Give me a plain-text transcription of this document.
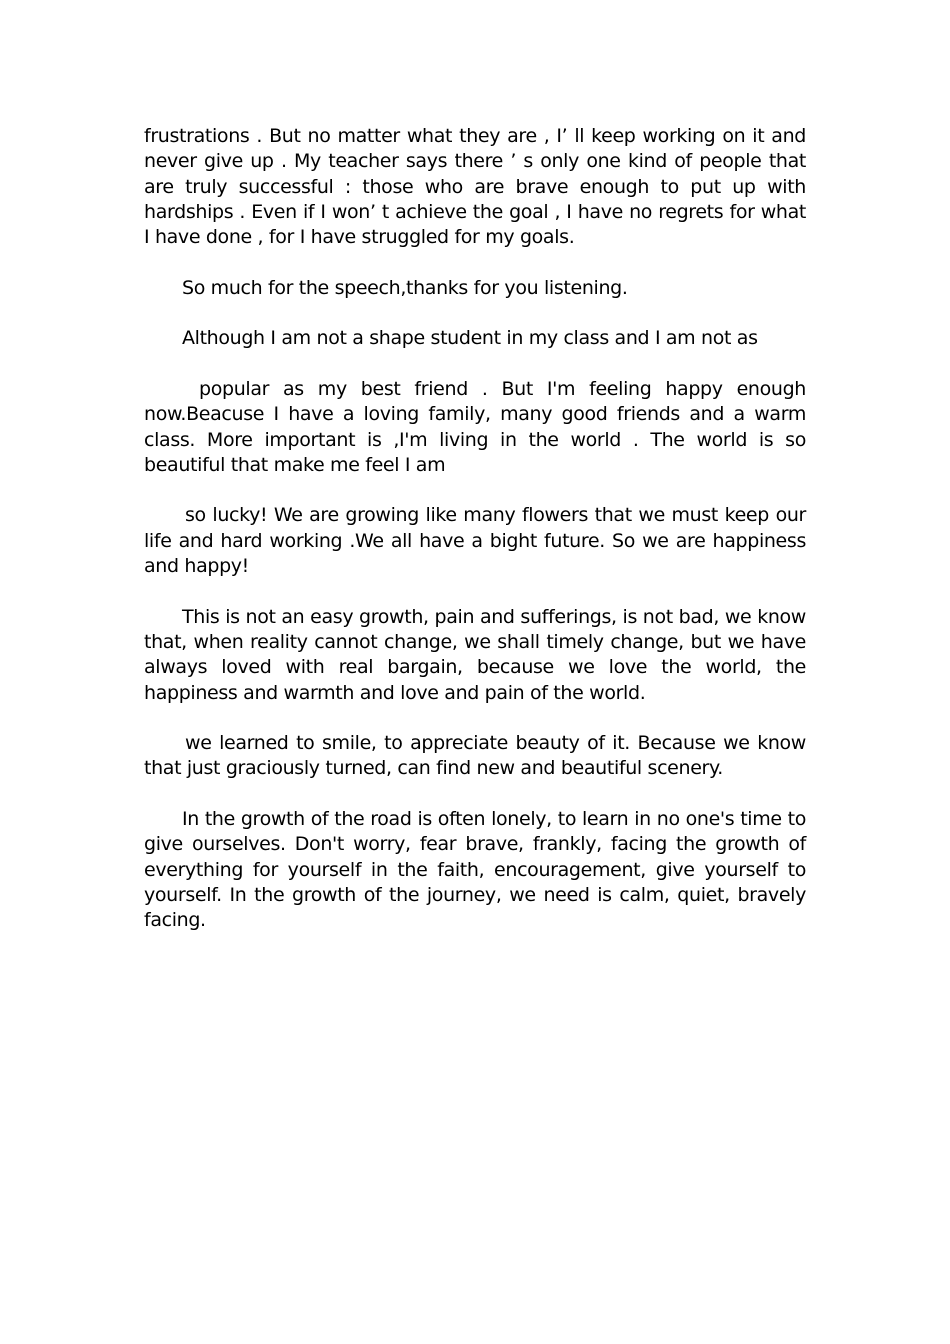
frustrations . But no matter what they are , I’ ll keep working on it and never give up . My teacher says there ’ s only one kind of people that are truly successful : those who are brave enough to put up with hardships . Even if I won’ t achieve the goal , I have no regrets for what I have done , for I have struggled for my goals.

So much for the speech,thanks for you listening.

Although I am not a shape student in my class and I am not as

popular as my best friend . But I'm feeling happy enough now.Beacuse I have a loving family, many good friends and a warm class. More important is ,I'm living in the world . The world is so beautiful that make me feel I am

so lucky! We are growing like many flowers that we must keep our life and hard working .We all have a bight future. So we are happiness and happy!

This is not an easy growth, pain and sufferings, is not bad, we know that, when reality cannot change, we shall timely change, but we have always loved with real bargain, because we love the world, the happiness and warmth and love and pain of the world.

we learned to smile, to appreciate beauty of it. Because we know that just graciously turned, can find new and beautiful scenery.

In the growth of the road is often lonely, to learn in no one's time to give ourselves. Don't worry, fear brave, frankly, facing the growth of everything for yourself in the faith, encouragement, give yourself to yourself. In the growth of the journey, we need is calm, quiet, bravely facing.
